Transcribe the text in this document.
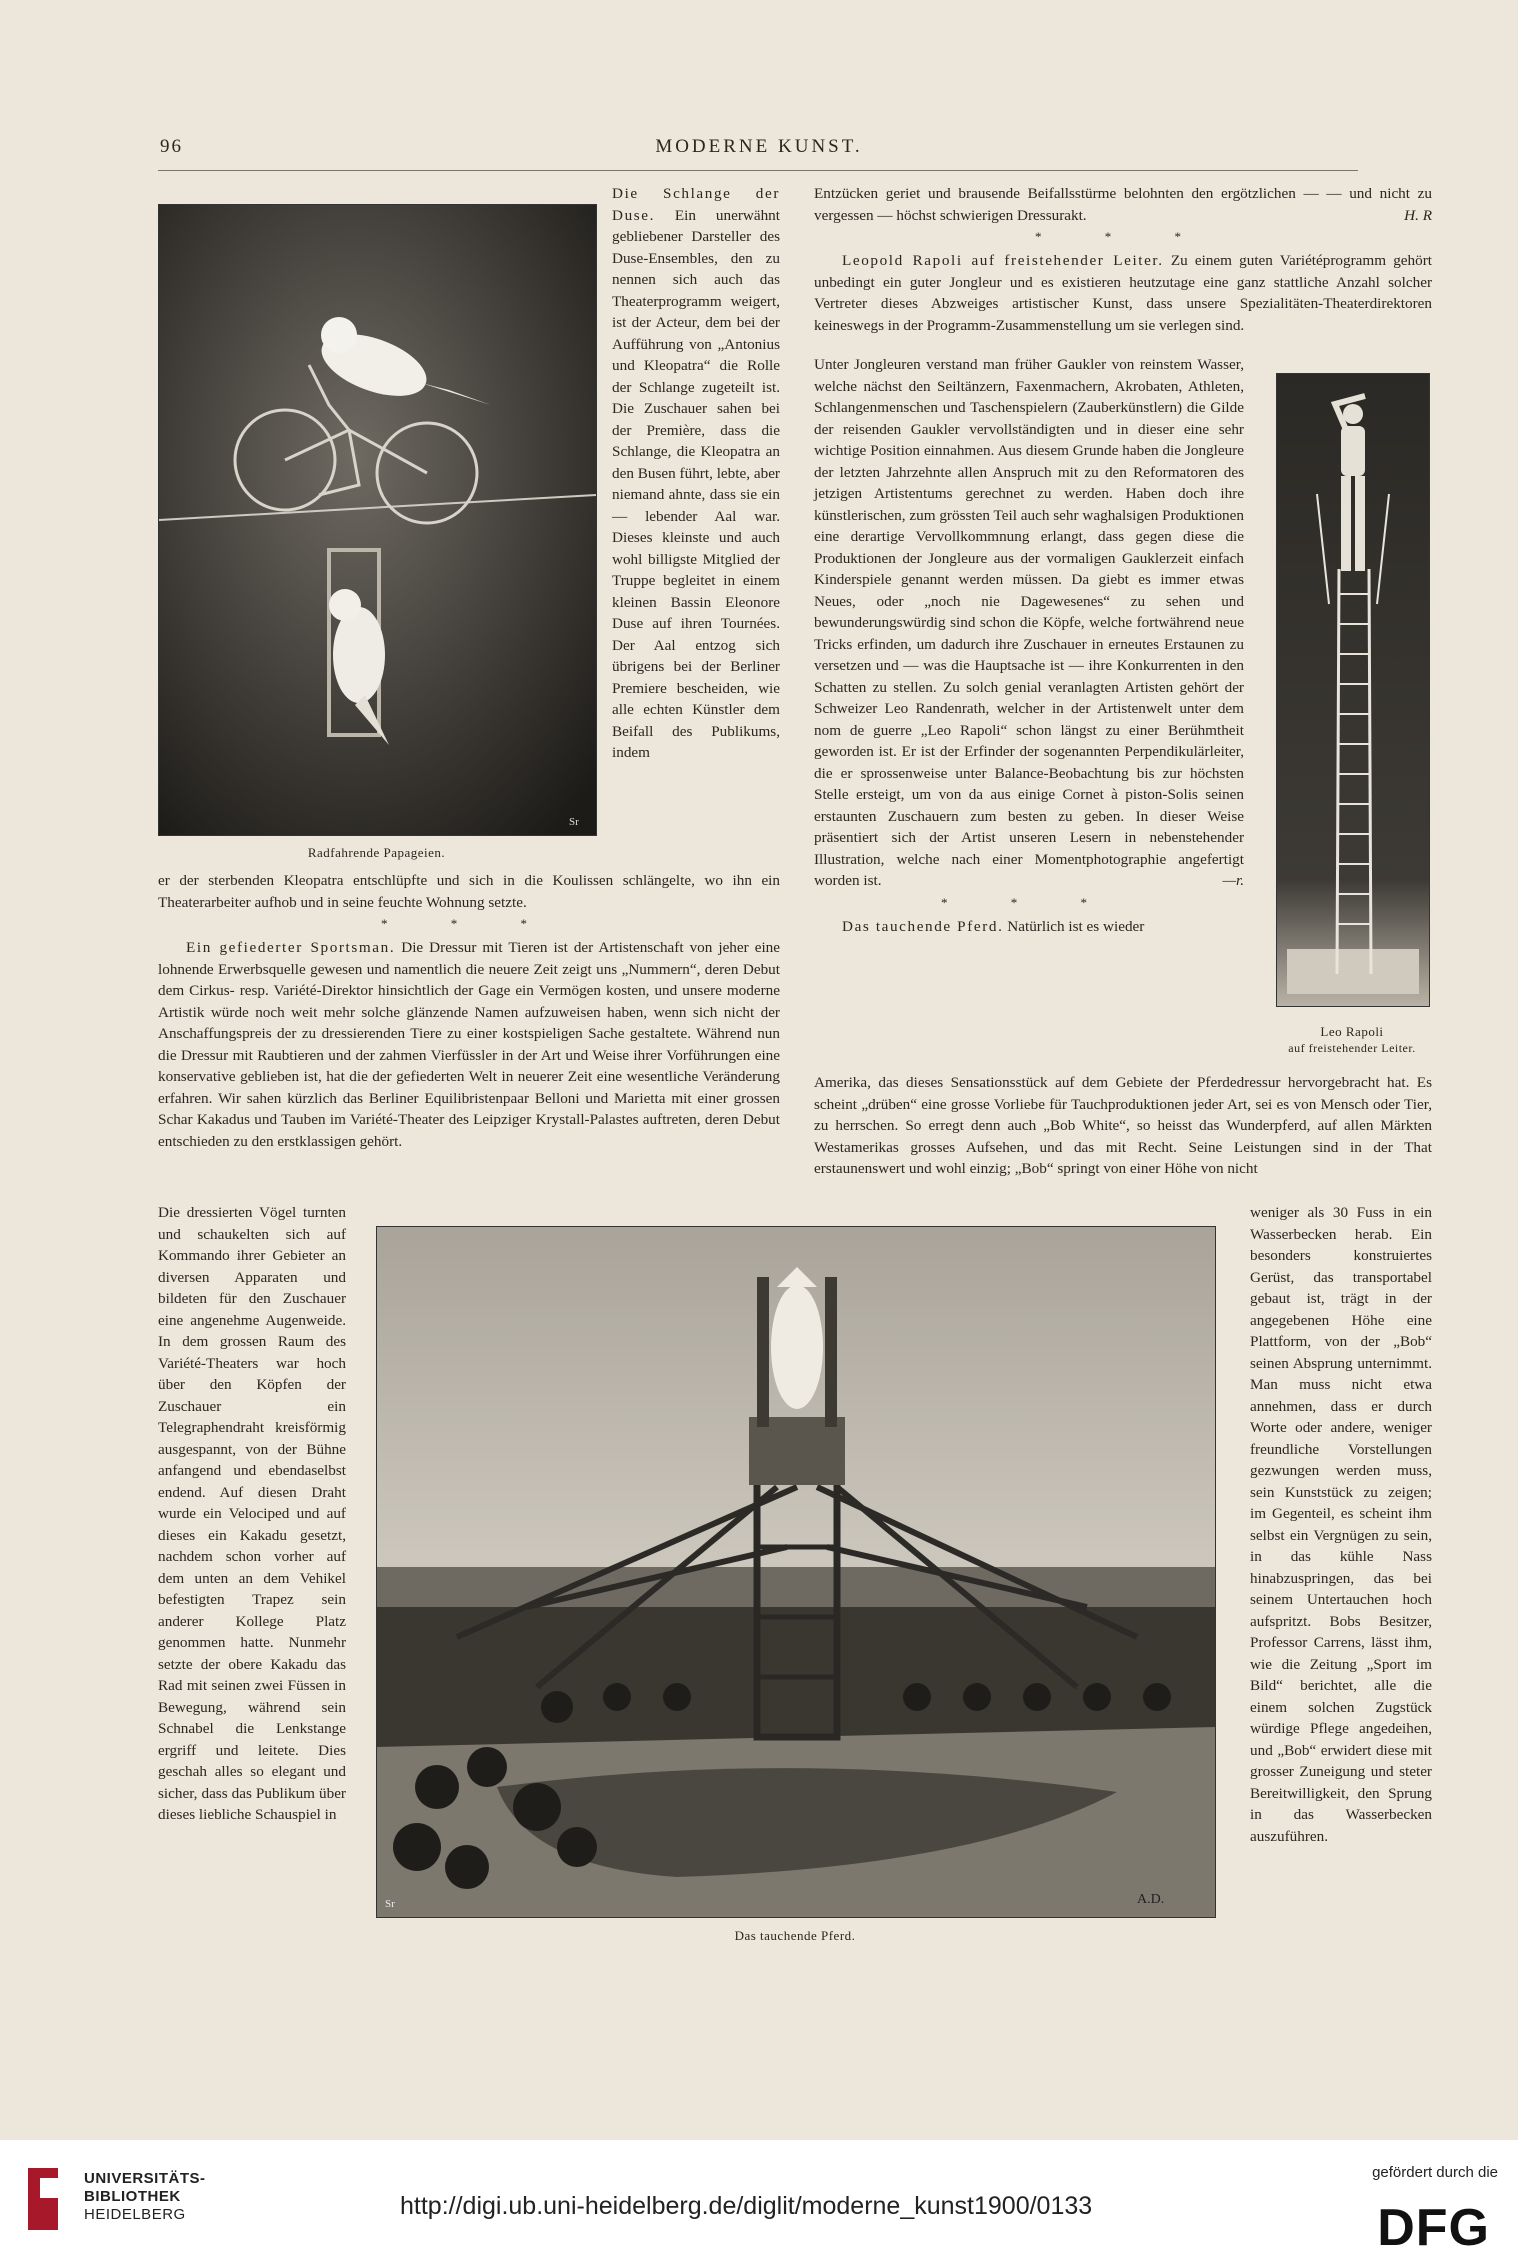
96	MODERNE KUNST.
Sr
Radfahrende Papageien.

Die Schlange der Duse. Ein unerwähnt gebliebener Darsteller des Duse-Ensembles, den zu nennen sich auch das Theaterprogramm weigert, ist der Acteur, dem bei der Aufführung von „Antonius und Kleopatra“ die Rolle der Schlange zugeteilt ist. Die Zuschauer sahen bei der Première, dass die Schlange, die Kleopatra an den Busen führt, lebte, aber niemand ahnte, dass sie ein — lebender Aal war. Dieses kleinste und auch wohl billigste Mitglied der Truppe begleitet in einem kleinen Bassin Eleonore Duse auf ihren Tournées. Der Aal entzog sich übrigens bei der Berliner Premiere bescheiden, wie alle echten Künstler dem Beifall des Publikums, indem

er der sterbenden Kleopatra entschlüpfte und sich in die Koulissen schlängelte, wo ihn ein Theaterarbeiter aufhob und in seine feuchte Wohnung setzte.

* * *

Ein gefiederter Sportsman. Die Dressur mit Tieren ist der Artistenschaft von jeher eine lohnende Erwerbsquelle gewesen und namentlich die neuere Zeit zeigt uns „Nummern“, deren Debut dem Cirkus- resp. Variété-Direktor hinsichtlich der Gage ein Vermögen kosten, und unsere moderne Artistik würde noch weit mehr solche glänzende Namen aufzuweisen haben, wenn sich nicht der Anschaffungspreis der zu dressierenden Tiere zu einer kostspieligen Sache gestaltete. Während nun die Dressur mit Raubtieren und der zahmen Vierfüssler in der Art und Weise ihrer Vorführungen eine konservative geblieben ist, hat die der gefiederten Welt in neuerer Zeit eine wesentliche Veränderung erfahren. Wir sahen kürzlich das Berliner Equilibristenpaar Belloni und Marietta mit einer grossen Schar Kakadus und Tauben im Variété-Theater des Leipziger Krystall-Palastes auftreten, deren Debut entschieden zu den erstklassigen gehört.

Die dressierten Vögel turnten und schaukelten sich auf Kommando ihrer Gebieter an diversen Apparaten und bildeten für den Zuschauer eine angenehme Augenweide. In dem grossen Raum des Variété-Theaters war hoch über den Köpfen der Zuschauer ein Telegraphendraht kreisförmig ausgespannt, von der Bühne anfangend und ebendaselbst endend. Auf diesen Draht wurde ein Velociped und auf dieses ein Kakadu gesetzt, nachdem schon vorher auf dem unten an dem Vehikel befestigten Trapez sein anderer Kollege Platz genommen hatte. Nunmehr setzte der obere Kakadu das Rad mit seinen zwei Füssen in Bewegung, während sein Schnabel die Lenkstange ergriff und leitete. Dies geschah alles so elegant und sicher, dass das Publikum über dieses liebliche Schauspiel in

Entzücken geriet und brausende Beifallsstürme belohnten den ergötzlichen — — und nicht zu vergessen — höchst schwierigen Dressurakt.	H. R

* * *

Leopold Rapoli auf freistehender Leiter. Zu einem guten Variétéprogramm gehört unbedingt ein guter Jongleur und es existieren heutzutage eine ganz stattliche Anzahl solcher Vertreter dieses Abzweiges artistischer Kunst, dass unsere Spezialitäten-Theaterdirektoren keineswegs in der Programm-Zusammenstellung um sie verlegen sind.

Unter Jongleuren verstand man früher Gaukler von reinstem Wasser, welche nächst den Seiltänzern, Faxenmachern, Akrobaten, Athleten, Schlangenmenschen und Taschenspielern (Zauberkünstlern) die Gilde der reisenden Gaukler vervollständigten und in dieser eine sehr wichtige Position einnahmen. Aus diesem Grunde haben die Jongleure der letzten Jahrzehnte allen Anspruch mit zu den Reformatoren des jetzigen Artistentums gerechnet zu werden. Haben doch ihre künstlerischen, zum grössten Teil auch sehr waghalsigen Produktionen eine derartige Vervollkommnung erlangt, dass gegen diese die Produktionen der Jongleure aus der vormaligen Gauklerzeit einfach Kinderspiele genannt werden müssen. Da giebt es immer etwas Neues, oder „noch nie Dagewesenes“ zu sehen und bewunderungswürdig sind schon die Köpfe, welche fortwährend neue Tricks erfinden, um dadurch ihre Zuschauer in erneutes Erstaunen zu versetzen und — was die Hauptsache ist — ihre Konkurrenten in den Schatten zu stellen. Zu solch genial veranlagten Artisten gehört der Schweizer Leo Randenrath, welcher in der Artistenwelt unter dem nom de guerre „Leo Rapoli“ schon längst zu einer Berühmtheit geworden ist. Er ist der Erfinder der sogenannten Perpendikulärleiter, die er sprossenweise unter Balance-Beobachtung bis zur höchsten Stelle ersteigt, um von da aus einige Cornet à piston-Solis seinen erstaunten Zuschauern zum besten zu geben. In dieser Weise präsentiert sich der Artist unseren Lesern in nebenstehender Illustration, welche nach einer Momentphotographie angefertigt worden ist.	—r.

* * *

Das tauchende Pferd. Natürlich ist es wieder

Leo Rapoli
auf freistehender Leiter.
Amerika, das dieses Sensationsstück auf dem Gebiete der Pferdedressur hervorgebracht hat. Es scheint „drüben“ eine grosse Vorliebe für Tauchproduktionen jeder Art, sei es von Mensch oder Tier, zu herrschen. So erregt denn auch „Bob White“, so heisst das Wunderpferd, auf allen Märkten Westamerikas grosses Aufsehen, und das mit Recht. Seine Leistungen sind in der That erstaunenswert und wohl einzig; „Bob“ springt von einer Höhe von nicht
weniger als 30 Fuss in ein Wasserbecken herab. Ein besonders konstruiertes Gerüst, das transportabel gebaut ist, trägt in der angegebenen Höhe eine Plattform, von der „Bob“ seinen Absprung unternimmt. Man muss nicht etwa annehmen, dass er durch Worte oder andere, weniger freundliche Vorstellungen gezwungen werden muss, sein Kunststück zu zeigen; im Gegenteil, es scheint ihm selbst ein Vergnügen zu sein, in das kühle Nass hinabzuspringen, das bei seinem Untertauchen hoch aufspritzt. Bobs Besitzer, Professor Carrens, lässt ihm, wie die Zeitung „Sport im Bild“ berichtet, alle die einem solchen Zugstück würdige Pflege angedeihen, und „Bob“ erwidert diese mit grosser Zuneigung und steter Bereitwilligkeit, den Sprung in das Wasserbecken auszuführen.
A.D.
Sr
Das tauchende Pferd.
UNIVERSITÄTS-
BIBLIOTHEK
HEIDELBERG	http://digi.ub.uni-heidelberg.de/diglit/moderne_kunst1900/0133
gefördert durch die
DFG
